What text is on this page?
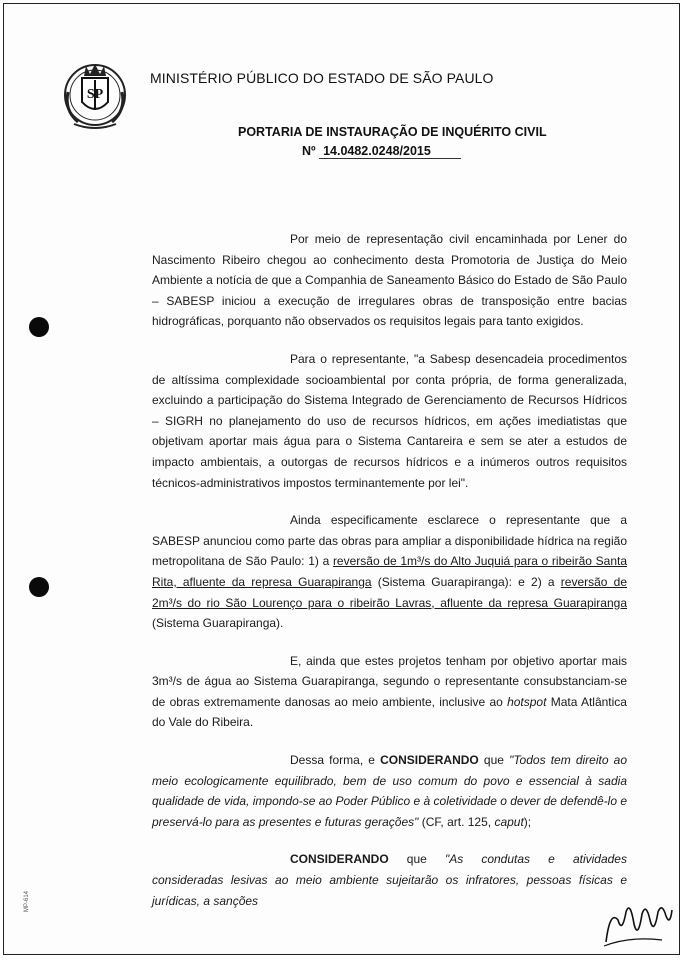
SP
MINISTÉRIO PÚBLICO DO ESTADO DE SÃO PAULO
PORTARIA DE INSTAURAÇÃO DE INQUÉRITO CIVIL
Nº 14.0482.0248/2015

Por meio de representação civil encaminhada por Lener do Nascimento Ribeiro chegou ao conhecimento desta Promotoria de Justiça do Meio Ambiente a notícia de que a Companhia de Saneamento Básico do Estado de São Paulo – SABESP iniciou a execução de irregulares obras de transposição entre bacias hidrográficas, porquanto não observados os requisitos legais para tanto exigidos.

Para o representante, "a Sabesp desencadeia procedimentos de altíssima complexidade socioambiental por conta própria, de forma generalizada, excluindo a participação do Sistema Integrado de Gerenciamento de Recursos Hídricos – SIGRH no planejamento do uso de recursos hídricos, em ações imediatistas que objetivam aportar mais água para o Sistema Cantareira e sem se ater a estudos de impacto ambientais, a outorgas de recursos hídricos e a inúmeros outros requisitos técnicos-administrativos impostos terminantemente por lei".

Ainda especificamente esclarece o representante que a SABESP anunciou como parte das obras para ampliar a disponibilidade hídrica na região metropolitana de São Paulo: 1) a reversão de 1m³/s do Alto Juquiá para o ribeirão Santa Rita, afluente da represa Guarapiranga (Sistema Guarapiranga): e 2) a reversão de 2m³/s do rio São Lourenço para o ribeirão Lavras, afluente da represa Guarapiranga (Sistema Guarapiranga).

E, ainda que estes projetos tenham por objetivo aportar mais 3m³/s de água ao Sistema Guarapiranga, segundo o representante consubstanciam-se de obras extremamente danosas ao meio ambiente, inclusive ao hotspot Mata Atlântica do Vale do Ribeira.

Dessa forma, e CONSIDERANDO que "Todos tem direito ao meio ecologicamente equilibrado, bem de uso comum do povo e essencial à sadia qualidade de vida, impondo-se ao Poder Público e à coletividade o dever de defendê-lo e preservá-lo para as presentes e futuras gerações" (CF, art. 125, caput);

CONSIDERANDO que "As condutas e atividades consideradas lesivas ao meio ambiente sujeitarão os infratores, pessoas físicas e jurídicas, a sanções

MP-614
